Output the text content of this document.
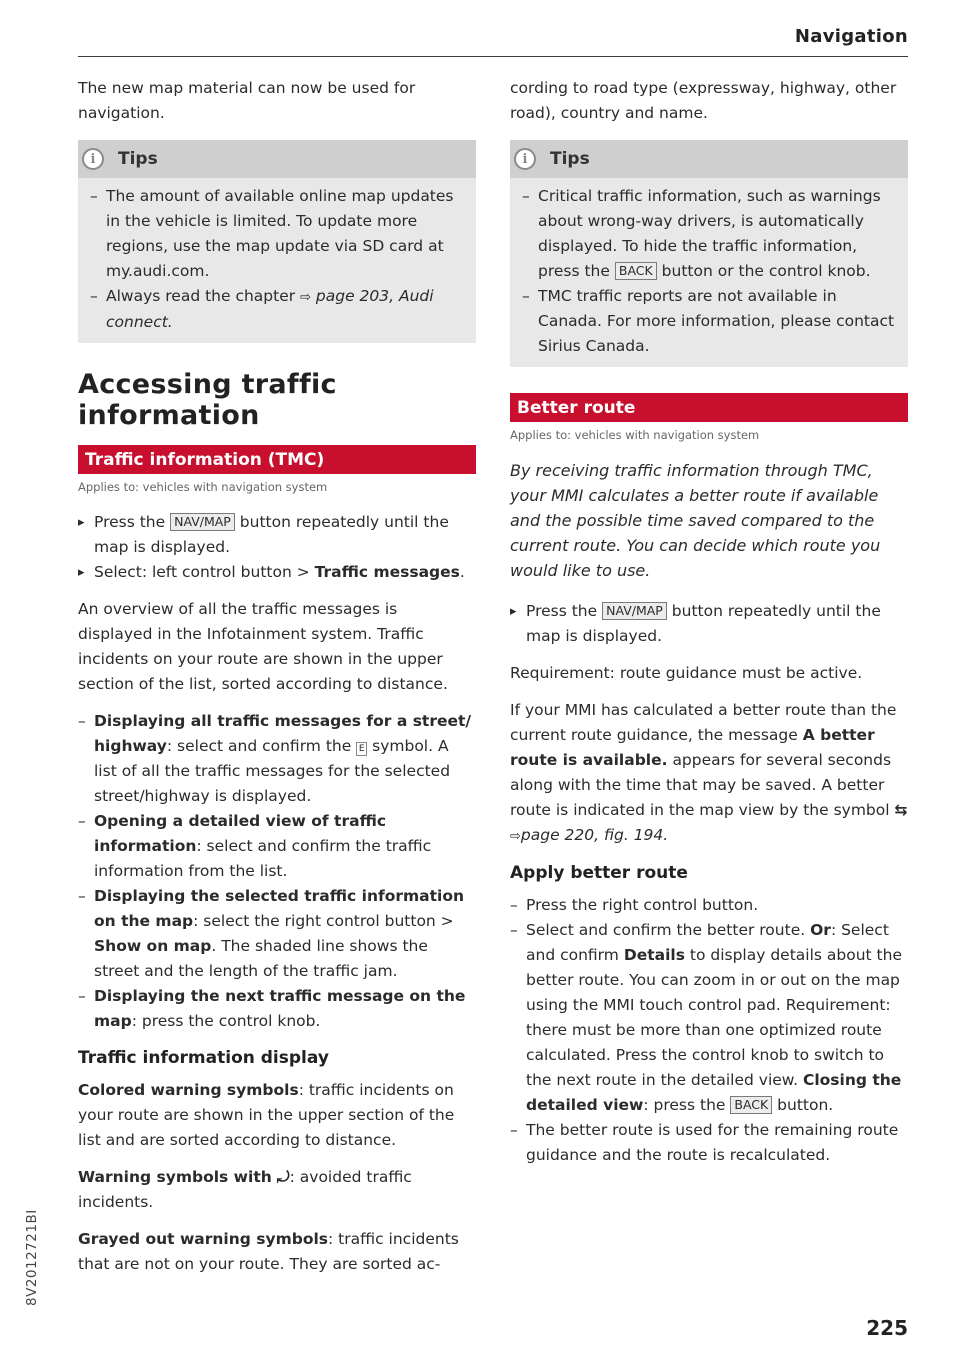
Navigation

The new map material can now be used for navigation.

i	Tips
– The amount of available online map updates in the vehicle is limited. To update more regions, use the map update via SD card at my.audi.com.
– Always read the chapter ⇨ page 203, Audi connect.
Accessing traffic information
Traffic information (TMC)
Applies to: vehicles with navigation system
▸ Press the NAV/MAP button repeatedly until the map is displayed.
▸ Select: left control button > Traffic messages.

An overview of all the traffic messages is displayed in the Infotainment system. Traffic incidents on your route are shown in the upper section of the list, sorted according to distance.

– Displaying all traffic messages for a street/ highway: select and confirm the E symbol. A list of all the traffic messages for the selected street/highway is displayed.
– Opening a detailed view of traffic information: select and confirm the traffic information from the list.
– Displaying the selected traffic information on the map: select the right control button > Show on map. The shaded line shows the street and the length of the traffic jam.
– Displaying the next traffic message on the map: press the control knob.
Traffic information display

Colored warning symbols: traffic incidents on your route are shown in the upper section of the list and are sorted according to distance.

Warning symbols with ⤾: avoided traffic incidents.

Grayed out warning symbols: traffic incidents that are not on your route. They are sorted ac-

cording to road type (expressway, highway, other road), country and name.

i	Tips
– Critical traffic information, such as warnings about wrong-way drivers, is automatically displayed. To hide the traffic information, press the BACK button or the control knob.
– TMC traffic reports are not available in Canada. For more information, please contact Sirius Canada.
Better route
Applies to: vehicles with navigation system

By receiving traffic information through TMC, your MMI calculates a better route if available and the possible time saved compared to the current route. You can decide which route you would like to use.

▸ Press the NAV/MAP button repeatedly until the map is displayed.

Requirement: route guidance must be active.

If your MMI has calculated a better route than the current route guidance, the message A better route is available. appears for several seconds along with the time that may be saved. A better route is indicated in the map view by the symbol ⇆ ⇨page 220, fig. 194.

Apply better route
– Press the right control button.
– Select and confirm the better route. Or: Select and confirm Details to display details about the better route. You can zoom in or out on the map using the MMI touch control pad. Requirement: there must be more than one optimized route calculated. Press the control knob to switch to the next route in the detailed view. Closing the detailed view: press the BACK button.
– The better route is used for the remaining route guidance and the route is recalculated.
8V2012721BI
225
